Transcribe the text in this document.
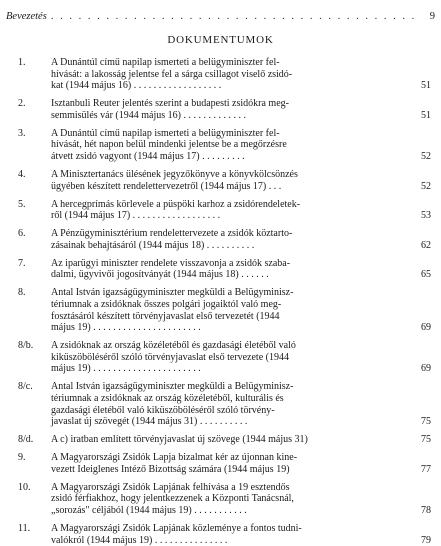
Bevezetés . . .	9
DOKUMENTUMOK
1.	A Dunántúl című napilap ismerteti a belügyminiszter fel-
hívását: a lakosság jelentse fel a sárga csillagot viselő zsidó-
kat (1944 május 16) . . . . . . . . . . . . . . . . . .	51
2.	Isztanbuli Reuter jelentés szerint a budapesti zsidókra meg-
semmisülés vár (1944 május 16) . . . . . . . . . . . . .	51
3.	A Dunántúl című napilap ismerteti a belügyminiszter fel-
hívását, hét napon belül mindenki jelentse be a megőrzésre
átvett zsidó vagyont (1944 május 17) . . . . . . . . .	52
4.	A Minisztertanács ülésének jegyzőkönyve a könyvkölcsönzés
ügyében készített rendelettervezetről (1944 május 17) . . .	52
5.	A hercegprímás körlevele a püspöki karhoz a zsidórendeletek-
ről (1944 május 17) . . . . . . . . . . . . . . . . . .	53
6.	A Pénzügyminisztérium rendelettervezete a zsidók köztarto-
zásainak behajtásáról (1944 május 18) . . . . . . . . . .	62
7.	Az iparügyi miniszter rendelete visszavonja a zsidók szaba-
dalmi, ügyvivői jogosítványát (1944 május 18) . . . . . .	65
8.	Antal István igazságügyminiszter megküldi a Belügyminisz-
tériumnak a zsidóknak ősszes polgári jogaiktól való meg-
fosztásáról készített törvényjavaslat első tervezetét (1944
május 19) . . . . . . . . . . . . . . . . . . . . . .	69
8/b. A zsidóknak az ország közéletéből és gazdasági életéből való
kiküszöböléséről szóló törvényjavaslat első tervezete (1944
május 19) . . . . . . . . . . . . . . . . . . . . . .	69
8/c. Antal István igazságügyminiszter megküldi a Belügyminisz-
tériumnak a zsidóknak az ország közéletéből, kulturális és
gazdasági életéből való kiküszöböléséről szóló törvény-
javaslat új szövegét (1944 május 31) . . . . . . . . . .	75
8/d. A c) iratban említett törvényjavaslat új szövege (1944 május 31)	75
9.	A Magyarországi Zsidók Lapja bizalmat kér az újonnan kine-
vezett Ideiglenes Intéző Bizottság számára (1944 május 19)	77
10. A Magyarországi Zsidók Lapjának felhívása a 19 esztendős
zsidó férfiakhoz, hogy jelentkezzenek a Központi Tanácsnál,
„sorozás" céljából (1944 május 19) . . . . . . . . . . .	78
11. A Magyarországi Zsidók Lapjának közleménye a fontos tudni-
valókról (1944 május 19) . . . . . . . . . . . . . . .	79
